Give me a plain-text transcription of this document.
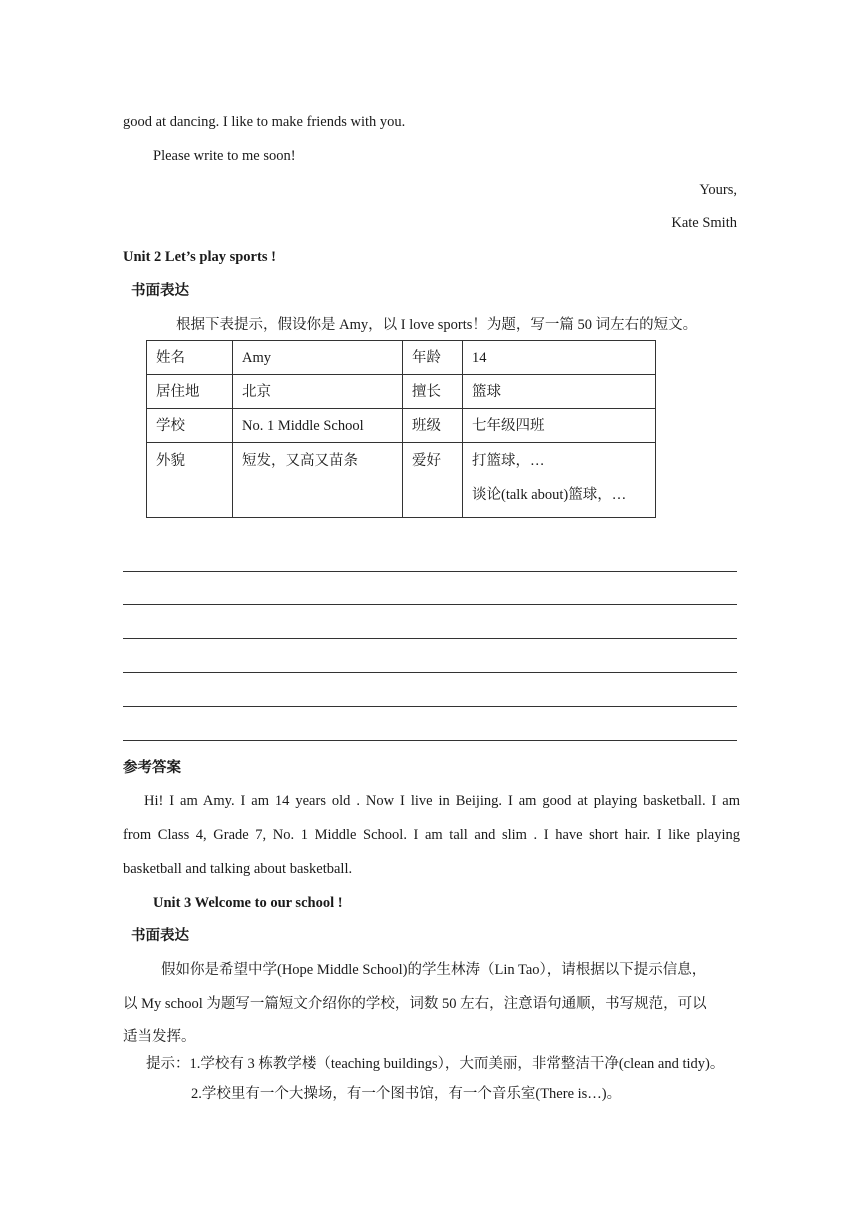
good at dancing. I like to make friends with you.
Please write to me soon!
Yours,
Kate Smith
Unit 2 Let’s play sports !
书面表达
根据下表提示，假设你是 Amy，以 I love sports！为题，写一篇 50 词左右的短文。
姓名	Amy	年龄	14
居住地	北京	擅长	篮球
学校	No. 1 Middle School	班级	七年级四班
外貌	短发，又高又苗条	爱好	打篮球，…
谈论(talk about)篮球，…
参考答案
Hi! I am Amy. I am 14 years old . Now I live in Beijing. I am good at playing basketball. I am
from Class 4, Grade 7, No. 1 Middle School. I am tall and slim . I have short hair. I like playing
basketball and talking about basketball.
Unit 3 Welcome to our school !
书面表达
假如你是希望中学(Hope Middle School)的学生林涛（Lin Tao），请根据以下提示信息，
以 My school 为题写一篇短文介绍你的学校，词数 50 左右，注意语句通顺，书写规范，可以
适当发挥。
提示：1.学校有 3 栋教学楼（teaching buildings），大而美丽，非常整洁干净(clean and tidy)。
2.学校里有一个大操场，有一个图书馆，有一个音乐室(There is…)。
